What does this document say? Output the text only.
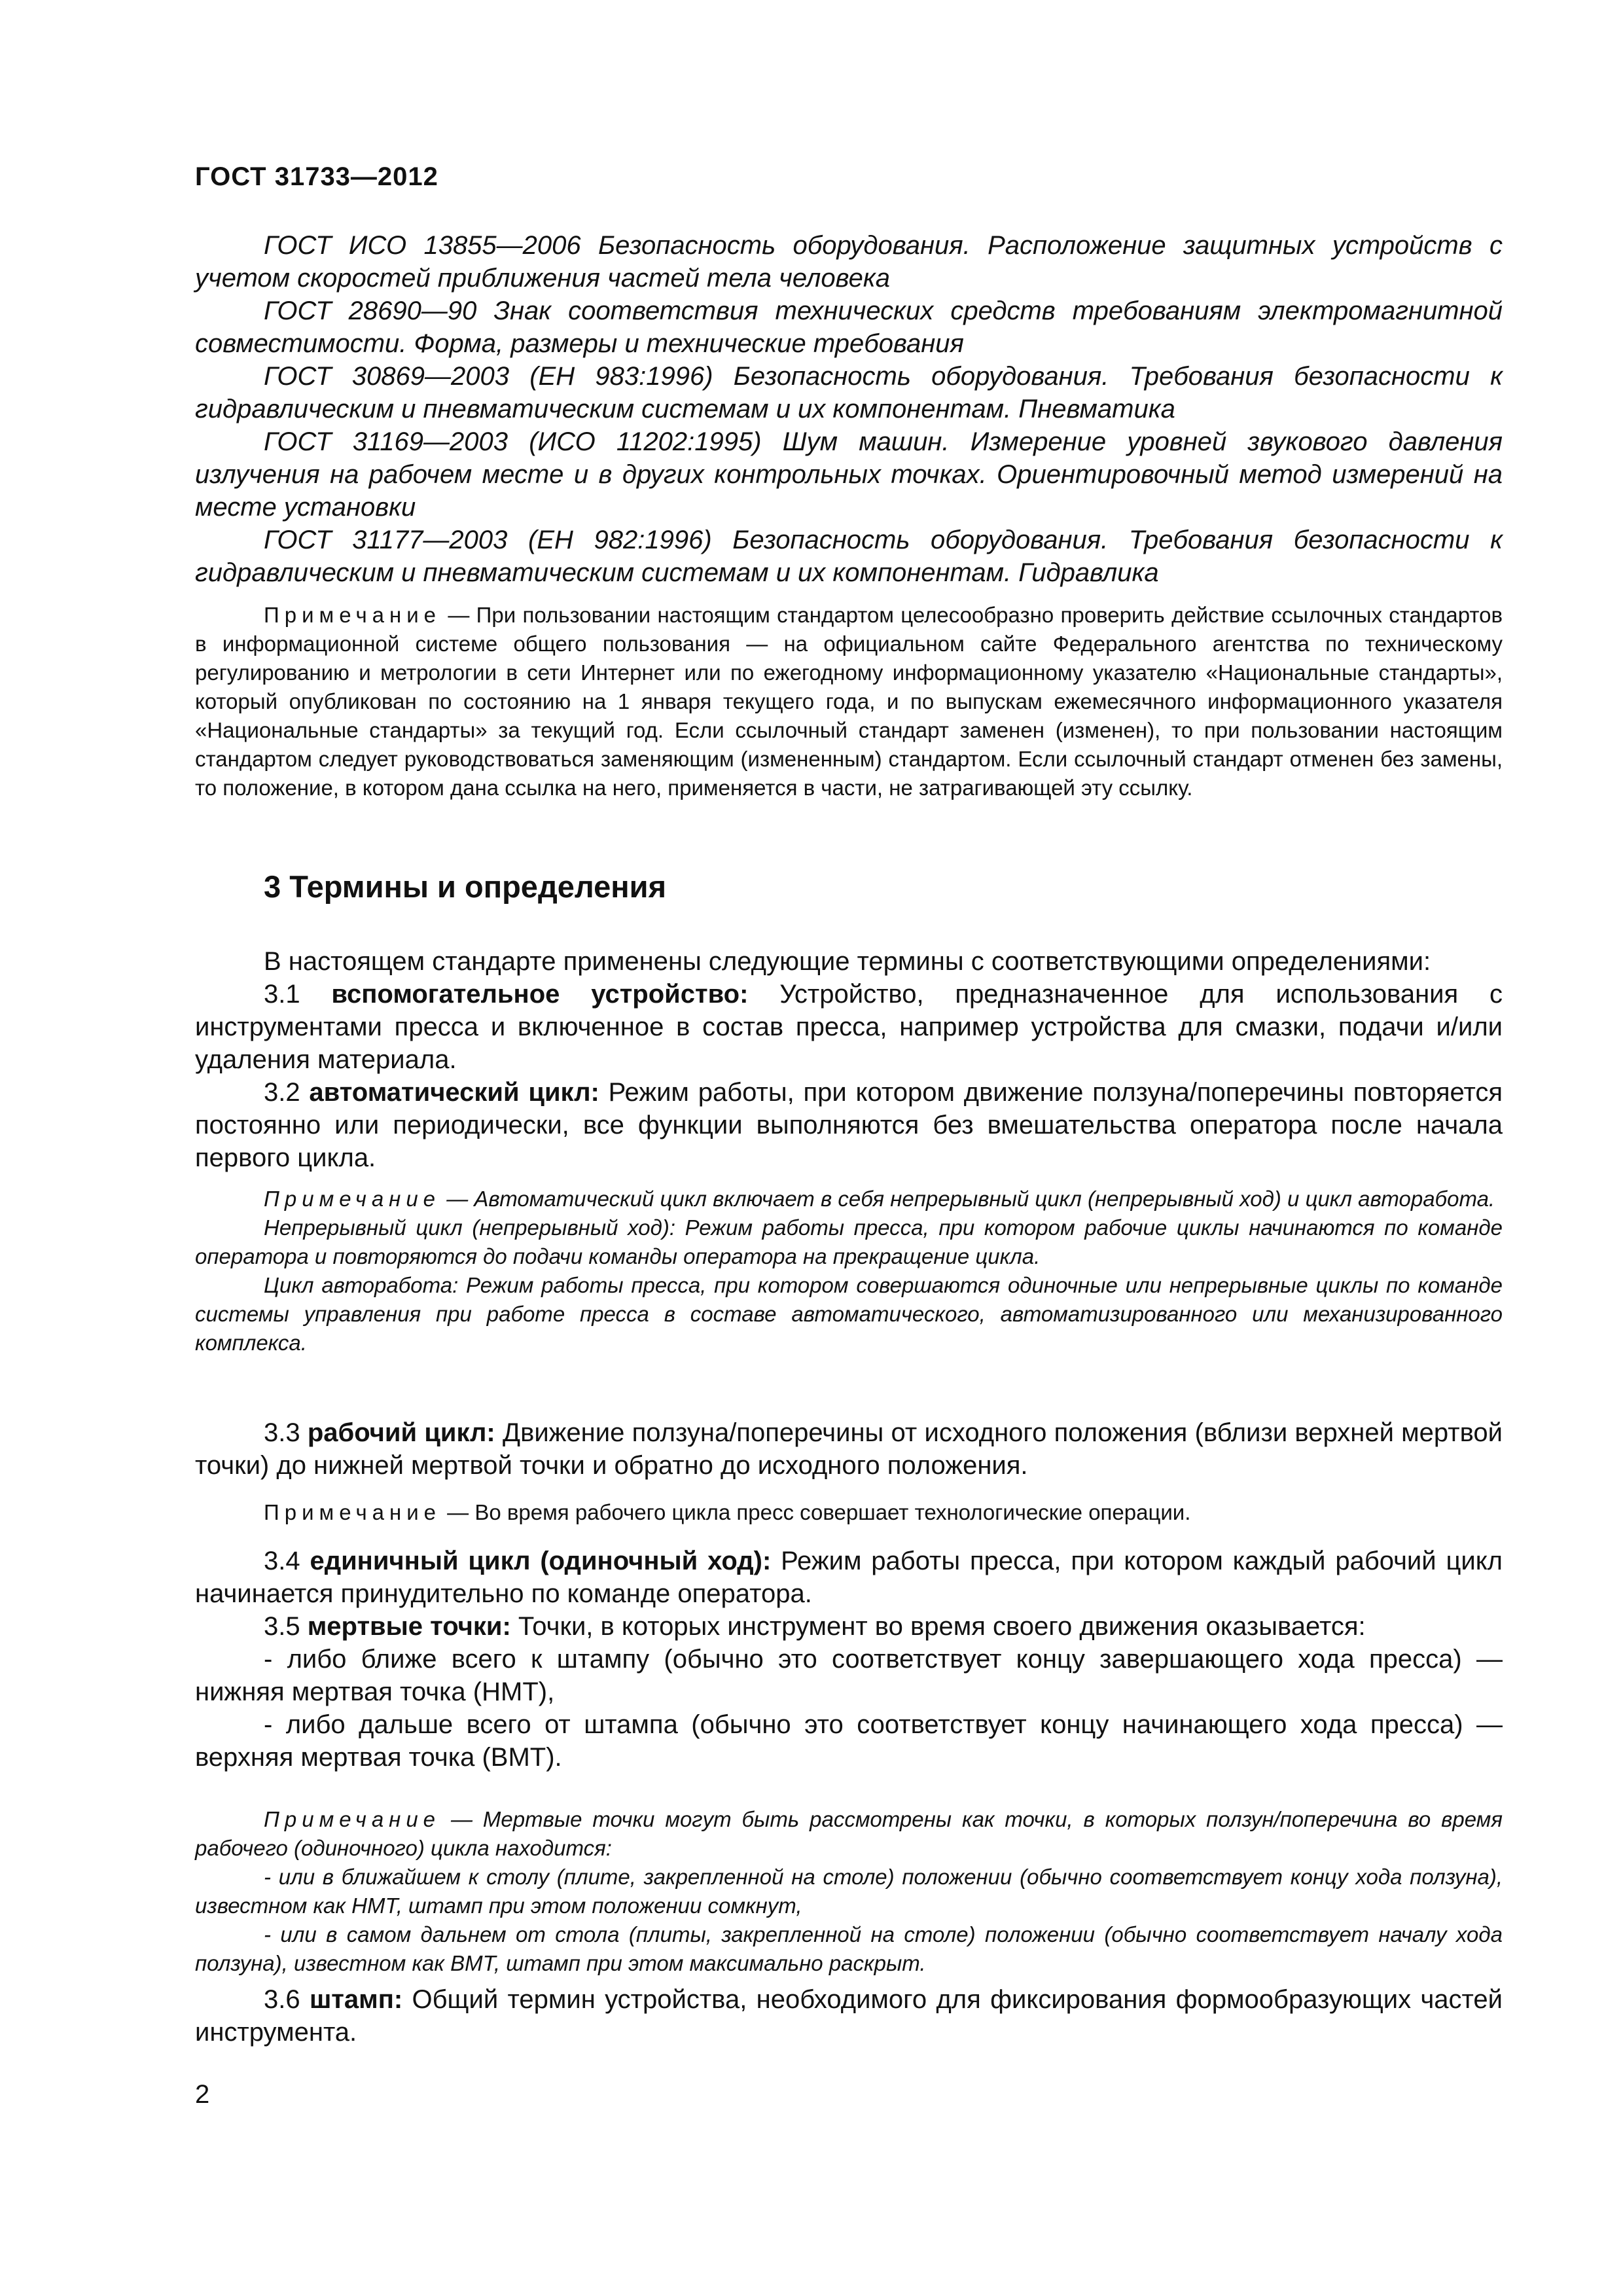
ГОСТ 31733—2012

ГОСТ ИСО 13855—2006 Безопасность оборудования. Расположение защитных устройств с учетом скоростей приближения частей тела человека

ГОСТ 28690—90 Знак соответствия технических средств требованиям электромагнитной совместимости. Форма, размеры и технические требования

ГОСТ 30869—2003 (ЕН 983:1996) Безопасность оборудования. Требования безопасности к гидравлическим и пневматическим системам и их компонентам. Пневматика

ГОСТ 31169—2003 (ИСО 11202:1995) Шум машин. Измерение уровней звукового давления излучения на рабочем месте и в других контрольных точках. Ориентировочный метод измерений на месте установки

ГОСТ 31177—2003 (ЕН 982:1996) Безопасность оборудования. Требования безопасности к гидравлическим и пневматическим системам и их компонентам. Гидравлика

Примечание — При пользовании настоящим стандартом целесообразно проверить действие ссылочных стандартов в информационной системе общего пользования — на официальном сайте Федерального агентства по техническому регулированию и метрологии в сети Интернет или по ежегодному информационному указателю «Национальные стандарты», который опубликован по состоянию на 1 января текущего года, и по выпускам ежемесячного информационного указателя «Национальные стандарты» за текущий год. Если ссылочный стандарт заменен (изменен), то при пользовании настоящим стандартом следует руководствоваться заменяющим (измененным) стандартом. Если ссылочный стандарт отменен без замены, то положение, в котором дана ссылка на него, применяется в части, не затрагивающей эту ссылку.

3 Термины и определения

В настоящем стандарте применены следующие термины с соответствующими определениями:

3.1 вспомогательное устройство: Устройство, предназначенное для использования с инструментами пресса и включенное в состав пресса, например устройства для смазки, подачи и/или удаления материала.

3.2 автоматический цикл: Режим работы, при котором движение ползуна/поперечины повторяется постоянно или периодически, все функции выполняются без вмешательства оператора после начала первого цикла.

Примечание — Автоматический цикл включает в себя непрерывный цикл (непрерывный ход) и цикл авторабота.

Непрерывный цикл (непрерывный ход): Режим работы пресса, при котором рабочие циклы начинаются по команде оператора и повторяются до подачи команды оператора на прекращение цикла.

Цикл авторабота: Режим работы пресса, при котором совершаются одиночные или непрерывные циклы по команде системы управления при работе пресса в составе автоматического, автоматизированного или механизированного комплекса.

3.3 рабочий цикл: Движение ползуна/поперечины от исходного положения (вблизи верхней мертвой точки) до нижней мертвой точки и обратно до исходного положения.

Примечание — Во время рабочего цикла пресс совершает технологические операции.

3.4 единичный цикл (одиночный ход): Режим работы пресса, при котором каждый рабочий цикл начинается принудительно по команде оператора.

3.5 мертвые точки: Точки, в которых инструмент во время своего движения оказывается:

- либо ближе всего к штампу (обычно это соответствует концу завершающего хода пресса) — нижняя мертвая точка (НМТ),

- либо дальше всего от штампа (обычно это соответствует концу начинающего хода пресса) — верхняя мертвая точка (ВМТ).

Примечание — Мертвые точки могут быть рассмотрены как точки, в которых ползун/поперечина во время рабочего (одиночного) цикла находится:

- или в ближайшем к столу (плите, закрепленной на столе) положении (обычно соответствует концу хода ползуна), известном как НМТ, штамп при этом положении сомкнут,

- или в самом дальнем от стола (плиты, закрепленной на столе) положении (обычно соответствует началу хода ползуна), известном как ВМТ, штамп при этом максимально раскрыт.

3.6 штамп: Общий термин устройства, необходимого для фиксирования формообразующих частей инструмента.

2
